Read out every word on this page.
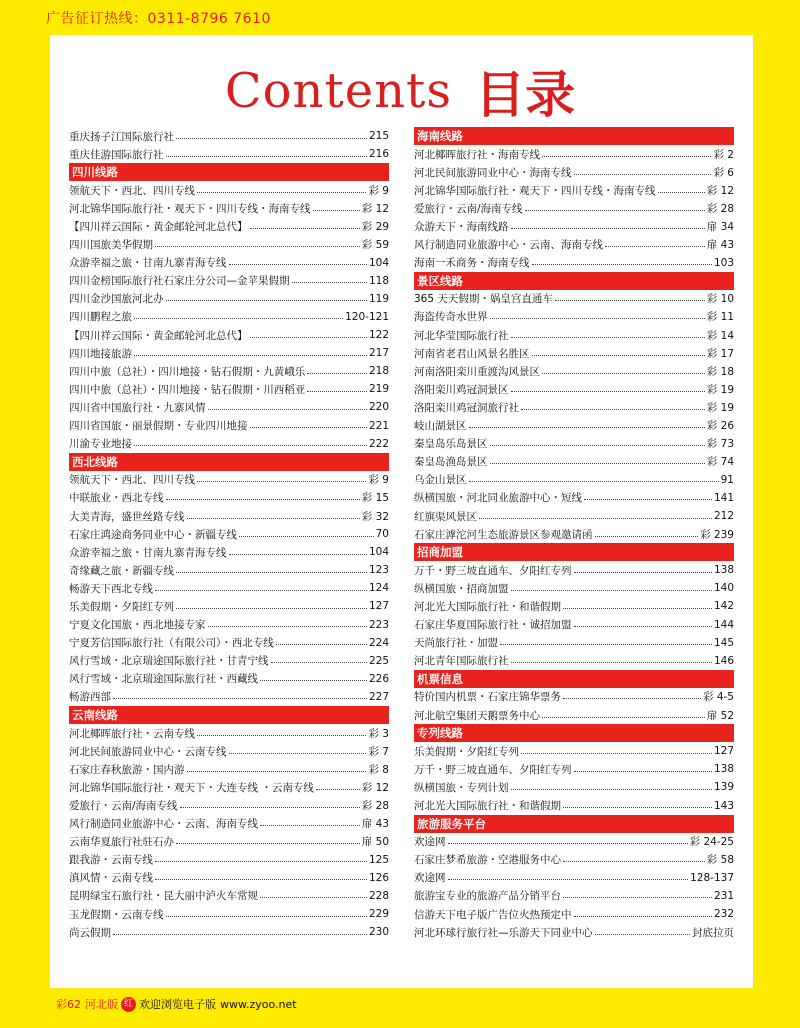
广告征订热线：0311-8796 7610
Contents 目录
重庆扬子江国际旅行社	215
重庆佳游国际旅行社	216
四川线路
领航天下・西北、四川专线	彩 9
河北锦华国际旅行社・观天下・四川专线・海南专线	彩 12
【四川祥云国际・黄金邮轮河北总代】	彩 29
四川国旅美华假期	彩 59
众游幸福之旅・甘南九寨青海专线	104
四川金榜国际旅行社石家庄分公司—金苹果假期	118
四川金沙国旅河北办	119
四川鹏程之旅	120-121
【四川祥云国际・黄金邮轮河北总代】	122
四川地接旅游	217
四川中旅（总社）・四川地接・钻石假期・九黄峨乐	218
四川中旅（总社）・四川地接・钻石假期・川西稻亚	219
四川省中国旅行社・九寨风情	220
四川省国旅・丽景假期・专业四川地接	221
川渝专业地接	222
西北线路
领航天下・西北、四川专线	彩 9
中联旅业・西北专线	彩 15
大美青海，盛世丝路专线	彩 32
石家庄鸿途商务同业中心・新疆专线	70
众游幸福之旅・甘南九寨青海专线	104
奇缘藏之旅・新疆专线	123
畅游天下西北专线	124
乐美假期・夕阳红专列	127
宁夏文化国旅・西北地接专家	223
宁夏芳信国际旅行社（有限公司）・西北专线	224
风行雪域・北京瑞途国际旅行社・甘青宁线	225
风行雪域・北京瑞途国际旅行社・西藏线	226
畅游西部	227
云南线路
河北椰晖旅行社・云南专线	彩 3
河北民间旅游同业中心・云南专线	彩 7
石家庄春秋旅游・国内游	彩 8
河北锦华国际旅行社・观天下・大连专线 ・云南专线	彩 12
爱旅行・云南/海南专线	彩 28
风行制造同业旅游中心・云南、海南专线	扉 43
云南华夏旅行社驻石办	扉 50
跟我游・云南专线	125
滇风情・云南专线	126
昆明绿宝石旅行社・昆大丽中泸火车常规	228
玉龙假期・云南专线	229
尚云假期	230
海南线路
河北椰晖旅行社・海南专线	彩 2
河北民间旅游同业中心・海南专线	彩 6
河北锦华国际旅行社・观天下・四川专线・海南专线	彩 12
爱旅行・云南/海南专线	彩 28
众游天下・海南线路	扉 34
风行制造同业旅游中心・云南、海南专线	扉 43
海南一禾商务・海南专线	103
景区线路
365 天天假期・娲皇宫直通车	彩 10
海盗传奇水世界	彩 11
河北华莹国际旅行社	彩 14
河南省老君山风景名胜区	彩 17
河南洛阳栾川重渡沟风景区	彩 18
洛阳栾川鸡冠洞景区	彩 19
洛阳栾川鸡冠洞旅行社	彩 19
岐山湖景区	彩 26
秦皇岛乐岛景区	彩 73
秦皇岛渔岛景区	彩 74
乌金山景区	91
纵横国旅・河北同业旅游中心・短线	141
红旗渠风景区	212
石家庄滹沱河生态旅游景区参观邀请函	彩 239
招商加盟
万千・野三坡直通车、夕阳红专列	138
纵横国旅・招商加盟	140
河北光大国际旅行社・和谐假期	142
石家庄华夏国际旅行社・诚招加盟	144
天尚旅行社・加盟	145
河北青年国际旅行社	146
机票信息
特价国内机票・石家庄锦华票务	彩 4-5
河北航空集团天鹅票务中心	扉 52
专列线路
乐美假期・夕阳红专列	127
万千・野三坡直通车、夕阳红专列	138
纵横国旅・专列计划	139
河北光大国际旅行社・和谐假期	143
旅游服务平台
欢途网	彩 24-25
石家庄梦希旅游・空港服务中心	彩 58
欢途网	128-137
旅游宝专业的旅游产品分销平台	231
信游天下电子版广告位火热预定中	232
河北环球行旅行社—乐游天下同业中心	封底拉页
彩62 河北版 红 欢迎浏览电子版 www.zyoo.net
